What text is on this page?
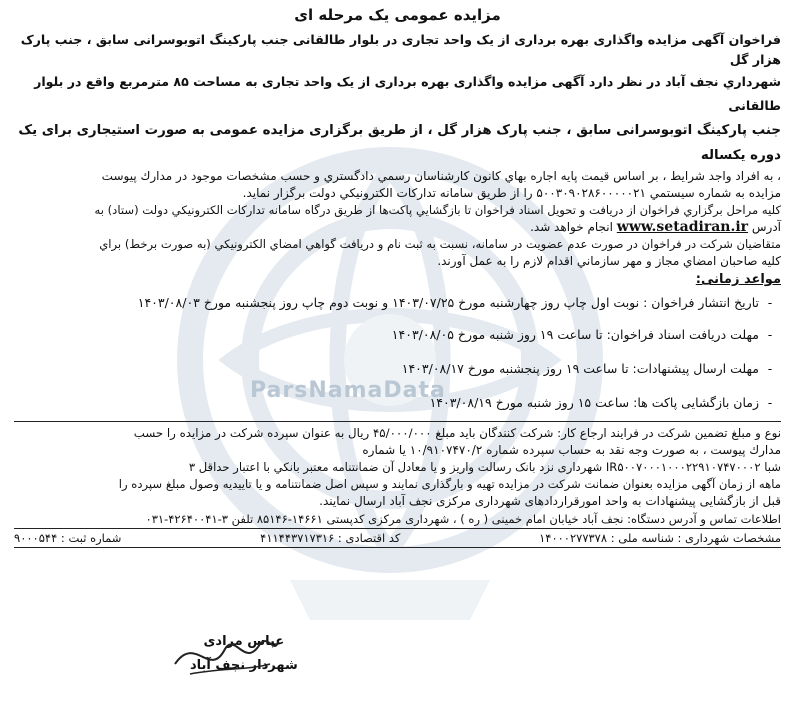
ParsNamaData
مزایده عمومی یک مرحله ای

فراخوان آگهی مزایده واگذاری بهره برداری از یک واحد تجاری در بلوار طالقانی جنب پارکینگ اتوبوسرانی سابق ، جنب پارک هزار گل

شهرداري نجف آباد در نظر دارد آگهی مزایده واگذاری بهره برداری از یک واحد تجاری به مساحت ۸۵ مترمربع واقع در بلوار طالقانی

جنب پارکینگ اتوبوسرانی سابق ، جنب پارک هزار گل ، از طریق برگزاری مزایده عمومی به صورت استیجاری برای یک دوره یکساله

، به افراد واجد شرایط ، بر اساس قیمت پایه اجاره بهاي کانون کارشناسان رسمي دادگستري و حسب مشخصات موجود در مدارك پيوست

مزایده به شماره سيستمي ۵۰۰۳۰۹۰۲۸۶۰۰۰۰۰۲۱ را از طريق سامانه تداركات الكترونيكي دولت برگزار نمايد.

كليه مراحل برگزاري فراخوان از دريافت و تحويل اسناد فراخوان تا بازگشايي پاكت‌ها از طريق درگاه سامانه تداركات الكترونيكي دولت (ستاد) به

آدرس www.setadiran.ir انجام خواهد شد.

متقاضيان شركت در فراخوان در صورت عدم عضويت در سامانه، نسبت به ثبت نام و دريافت گواهي امضاي الكترونيكي (به صورت برخط) براي

كليه صاحبان امضاي مجاز و مهر سازماني اقدام لازم را به عمل آورند.

مواعد زمانی:
-
تاریخ انتشار فراخوان : نوبت اول چاپ روز چهارشنبه مورخ ۱۴۰۳/۰۷/۲۵ و نوبت دوم چاپ روز پنجشنبه مورخ ۱۴۰۳/۰۸/۰۳
-
مهلت دریافت اسناد فراخوان: تا ساعت ۱۹ روز شنبه مورخ ۱۴۰۳/۰۸/۰۵
-
مهلت ارسال پیشنهادات: تا ساعت ۱۹ روز پنجشنبه مورخ ۱۴۰۳/۰۸/۱۷
-
زمان بازگشایی پاکت ها: ساعت ۱۵ روز شنبه مورخ ۱۴۰۳/۰۸/۱۹

نوع و مبلغ تضمین شرکت در فرایند ارجاع کار: شرکت کنندگان باید مبلغ ۴۵/۰۰۰/۰۰۰ ریال به عنوان سپرده شرکت در مزایده را حسب

مدارك پيوست ، به صورت وجه نقد به حساب سپرده شماره ۱۰/۹۱۰۷۴۷۰/۲ یا شماره

شبا IR۵۰۰۷۰۰۰۱۰۰۰۲۲۹۱۰۷۴۷۰۰۰۲ شهرداری نزد بانک رسالت واریز و یا معادل آن ضمانتنامه معتبر بانكي با اعتبار حداقل ۳

ماهه از زمان آگهی مزایده بعنوان ضمانت شرکت در مزایده تهیه و بارگذاری نمایند و سپس اصل ضمانتنامه و یا تاییدیه وصول مبلغ سپرده را

قبل از بازگشایی پیشنهادات به واحد امورقراردادهای شهرداری مرکزی نجف آباد ارسال نمایند.

اطلاعات تماس و آدرس دستگاه: نجف آباد خیابان امام خمینی ( ره ) ، شهرداری مرکزی کدپستی ۱۴۶۶۱-۸۵۱۴۶ تلفن ۳-۴۲۶۴۰۰۴۱-۰۳۱
مشخصات شهرداری : شناسه ملی : ۱۴۰۰۰۲۷۷۳۷۸
کد اقتصادی : ۴۱۱۴۴۳۷۱۷۳۱۶
شماره ثبت : ۹۰۰۰۵۴۴
عباس مرادی
شهردار نجف آباد
